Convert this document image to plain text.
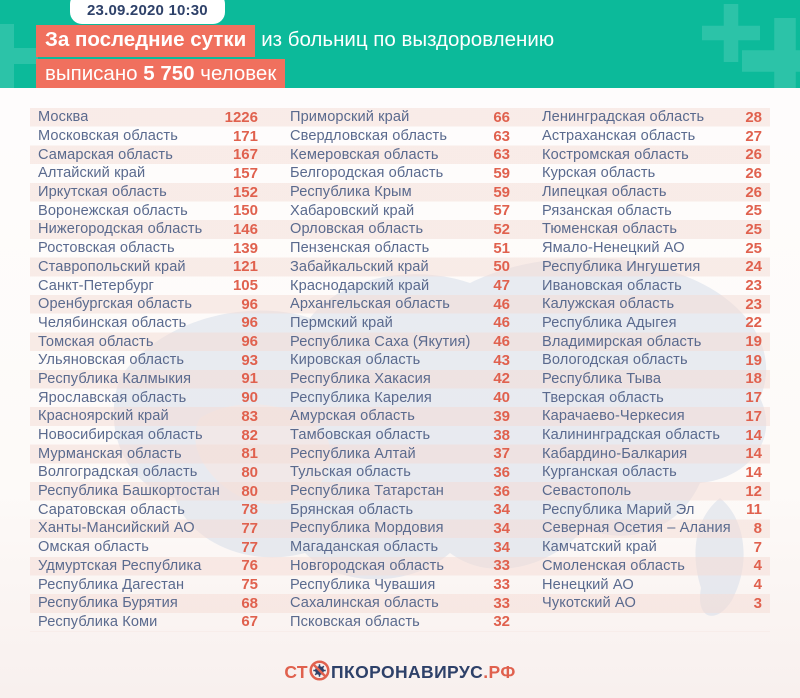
23.09.2020 10:30
За последние сутки из больниц по выздоровлению
выписано 5 750 человек
Москва	1226
Московская область	171
Самарская область	167
Алтайский край	157
Иркутская область	152
Воронежская область	150
Нижегородская область 146
Ростовская область	139
Ставропольский край	121
Санкт-Петербург	105
Оренбургская область	96
Челябинская область	96
Томская область	96
Ульяновская область	93
Республика Калмыкия	91
Ярославская область	90
Красноярский край	83
Новосибирская область	82
Мурманская область	81
Волгоградская область	80
Республика Башкортостан 80
Саратовская область	78
Ханты-Мансийский АО	77
Омская область	77
Удмуртская Республика	76
Республика Дагестан	75
Республика Бурятия	68
Республика Коми	67
Приморский край	66
Свердловская область	63
Кемеровская область	63
Белгородская область	59
Республика Крым	59
Хабаровский край	57
Орловская область	52
Пензенская область	51
Забайкальский край	50
Краснодарский край	47
Архангельская область	46
Пермский край	46
Республика Саха (Якутия) 46
Кировская область	43
Республика Хакасия	42
Республика Карелия	40
Амурская область	39
Тамбовская область	38
Республика Алтай	37
Тульская область	36
Республика Татарстан	36
Брянская область	34
Республика Мордовия	34
Магаданская область	34
Новгородская область	33
Республика Чувашия	33
Сахалинская область	33
Псковская область	32
Ленинградская область	28
Астраханская область	27
Костромская область	26
Курская область	26
Липецкая область	26
Рязанская область	25
Тюменская область	25
Ямало-Ненецкий АО	25
Республика Ингушетия	24
Ивановская область	23
Калужская область	23
Республика Адыгея	22
Владимирская область	19
Вологодская область	19
Республика Тыва	18
Тверская область	17
Карачаево-Черкесия	17
Калининградская область 14
Кабардино-Балкария	14
Курганская область	14
Севастополь	12
Республика Марий Эл	11
Северная Осетия – Алания 8
Камчатский край	7
Смоленская область	4
Ненецкий АО	4
Чукотский АО	3
СТ ПКОРОНАВИРУС .РФ
